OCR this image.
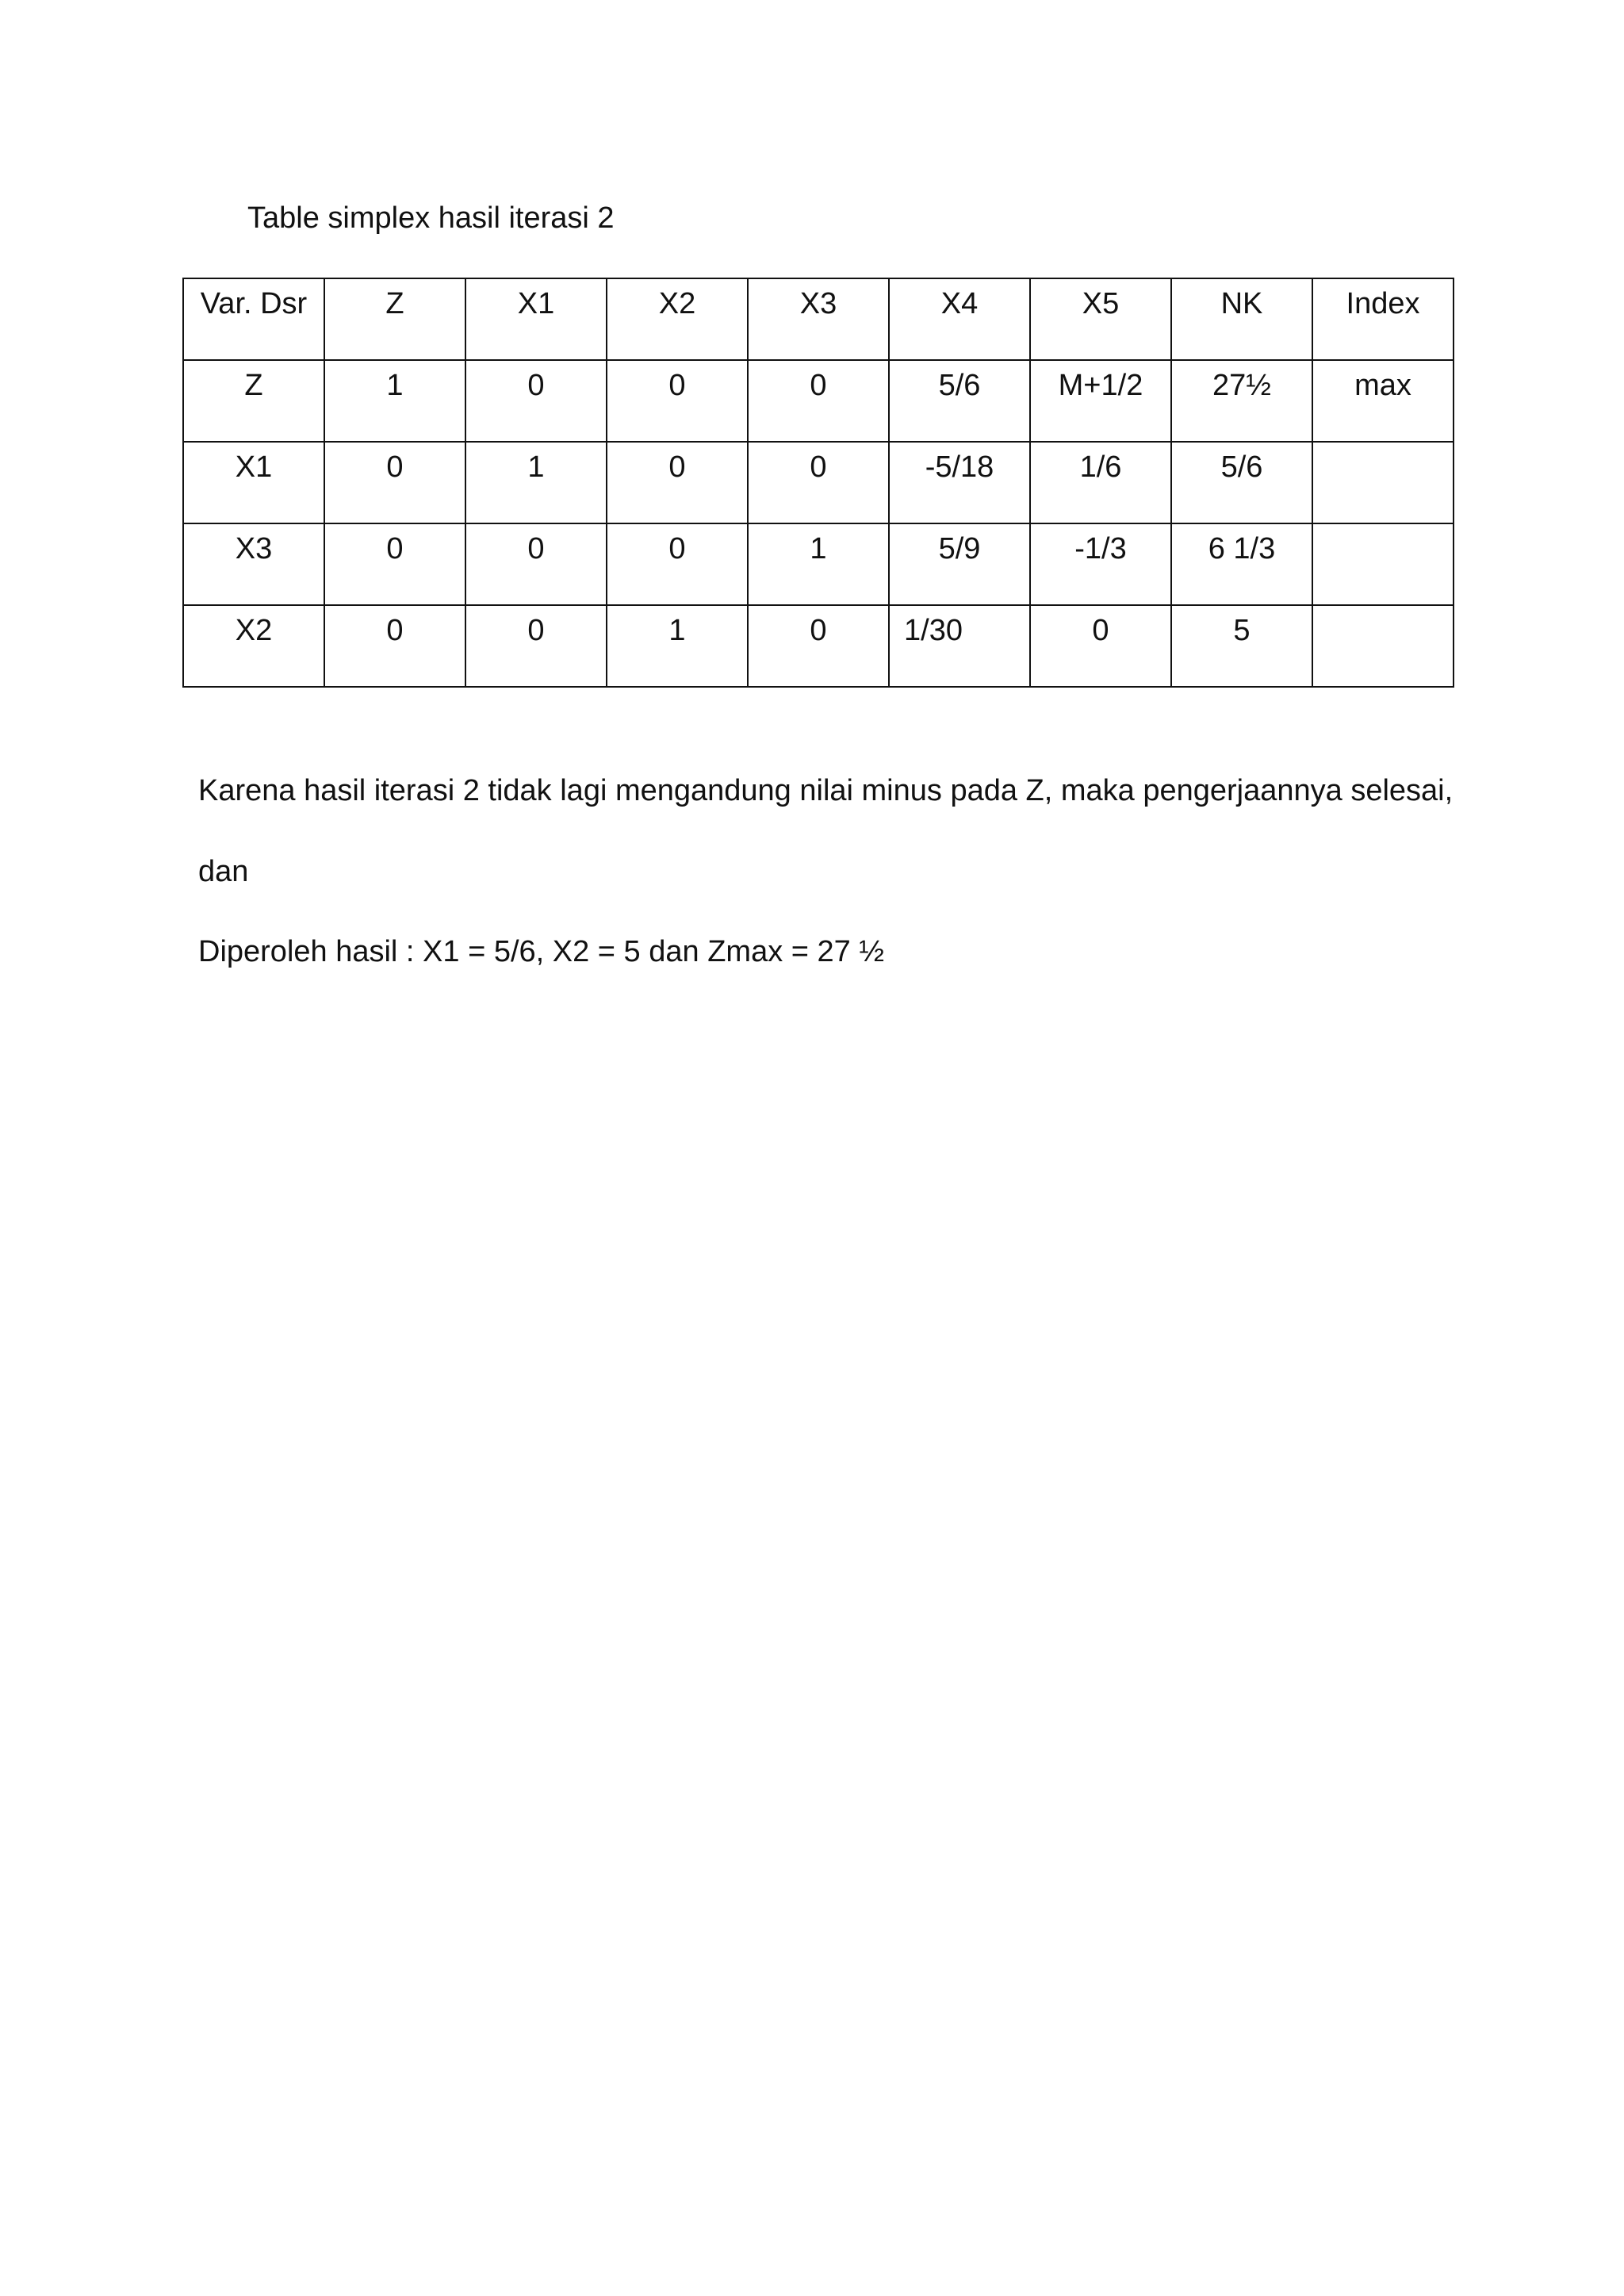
Table simplex hasil iterasi 2
Var. Dsr	Z	X1	X2	X3	X4	X5	NK	Index
Z	1	0	0	0	5/6	M+1/2	27½	max
X1	0	1	0	0	-5/18	1/6	5/6	
X3	0	0	0	1	5/9	-1/3	6 1/3	
X2	0	0	1	0	1/30	0	5	
Karena hasil iterasi 2 tidak lagi mengandung nilai minus pada Z, maka pengerjaannya selesai,
dan
Diperoleh hasil : X1 = 5/6, X2 = 5 dan Zmax = 27 ½
